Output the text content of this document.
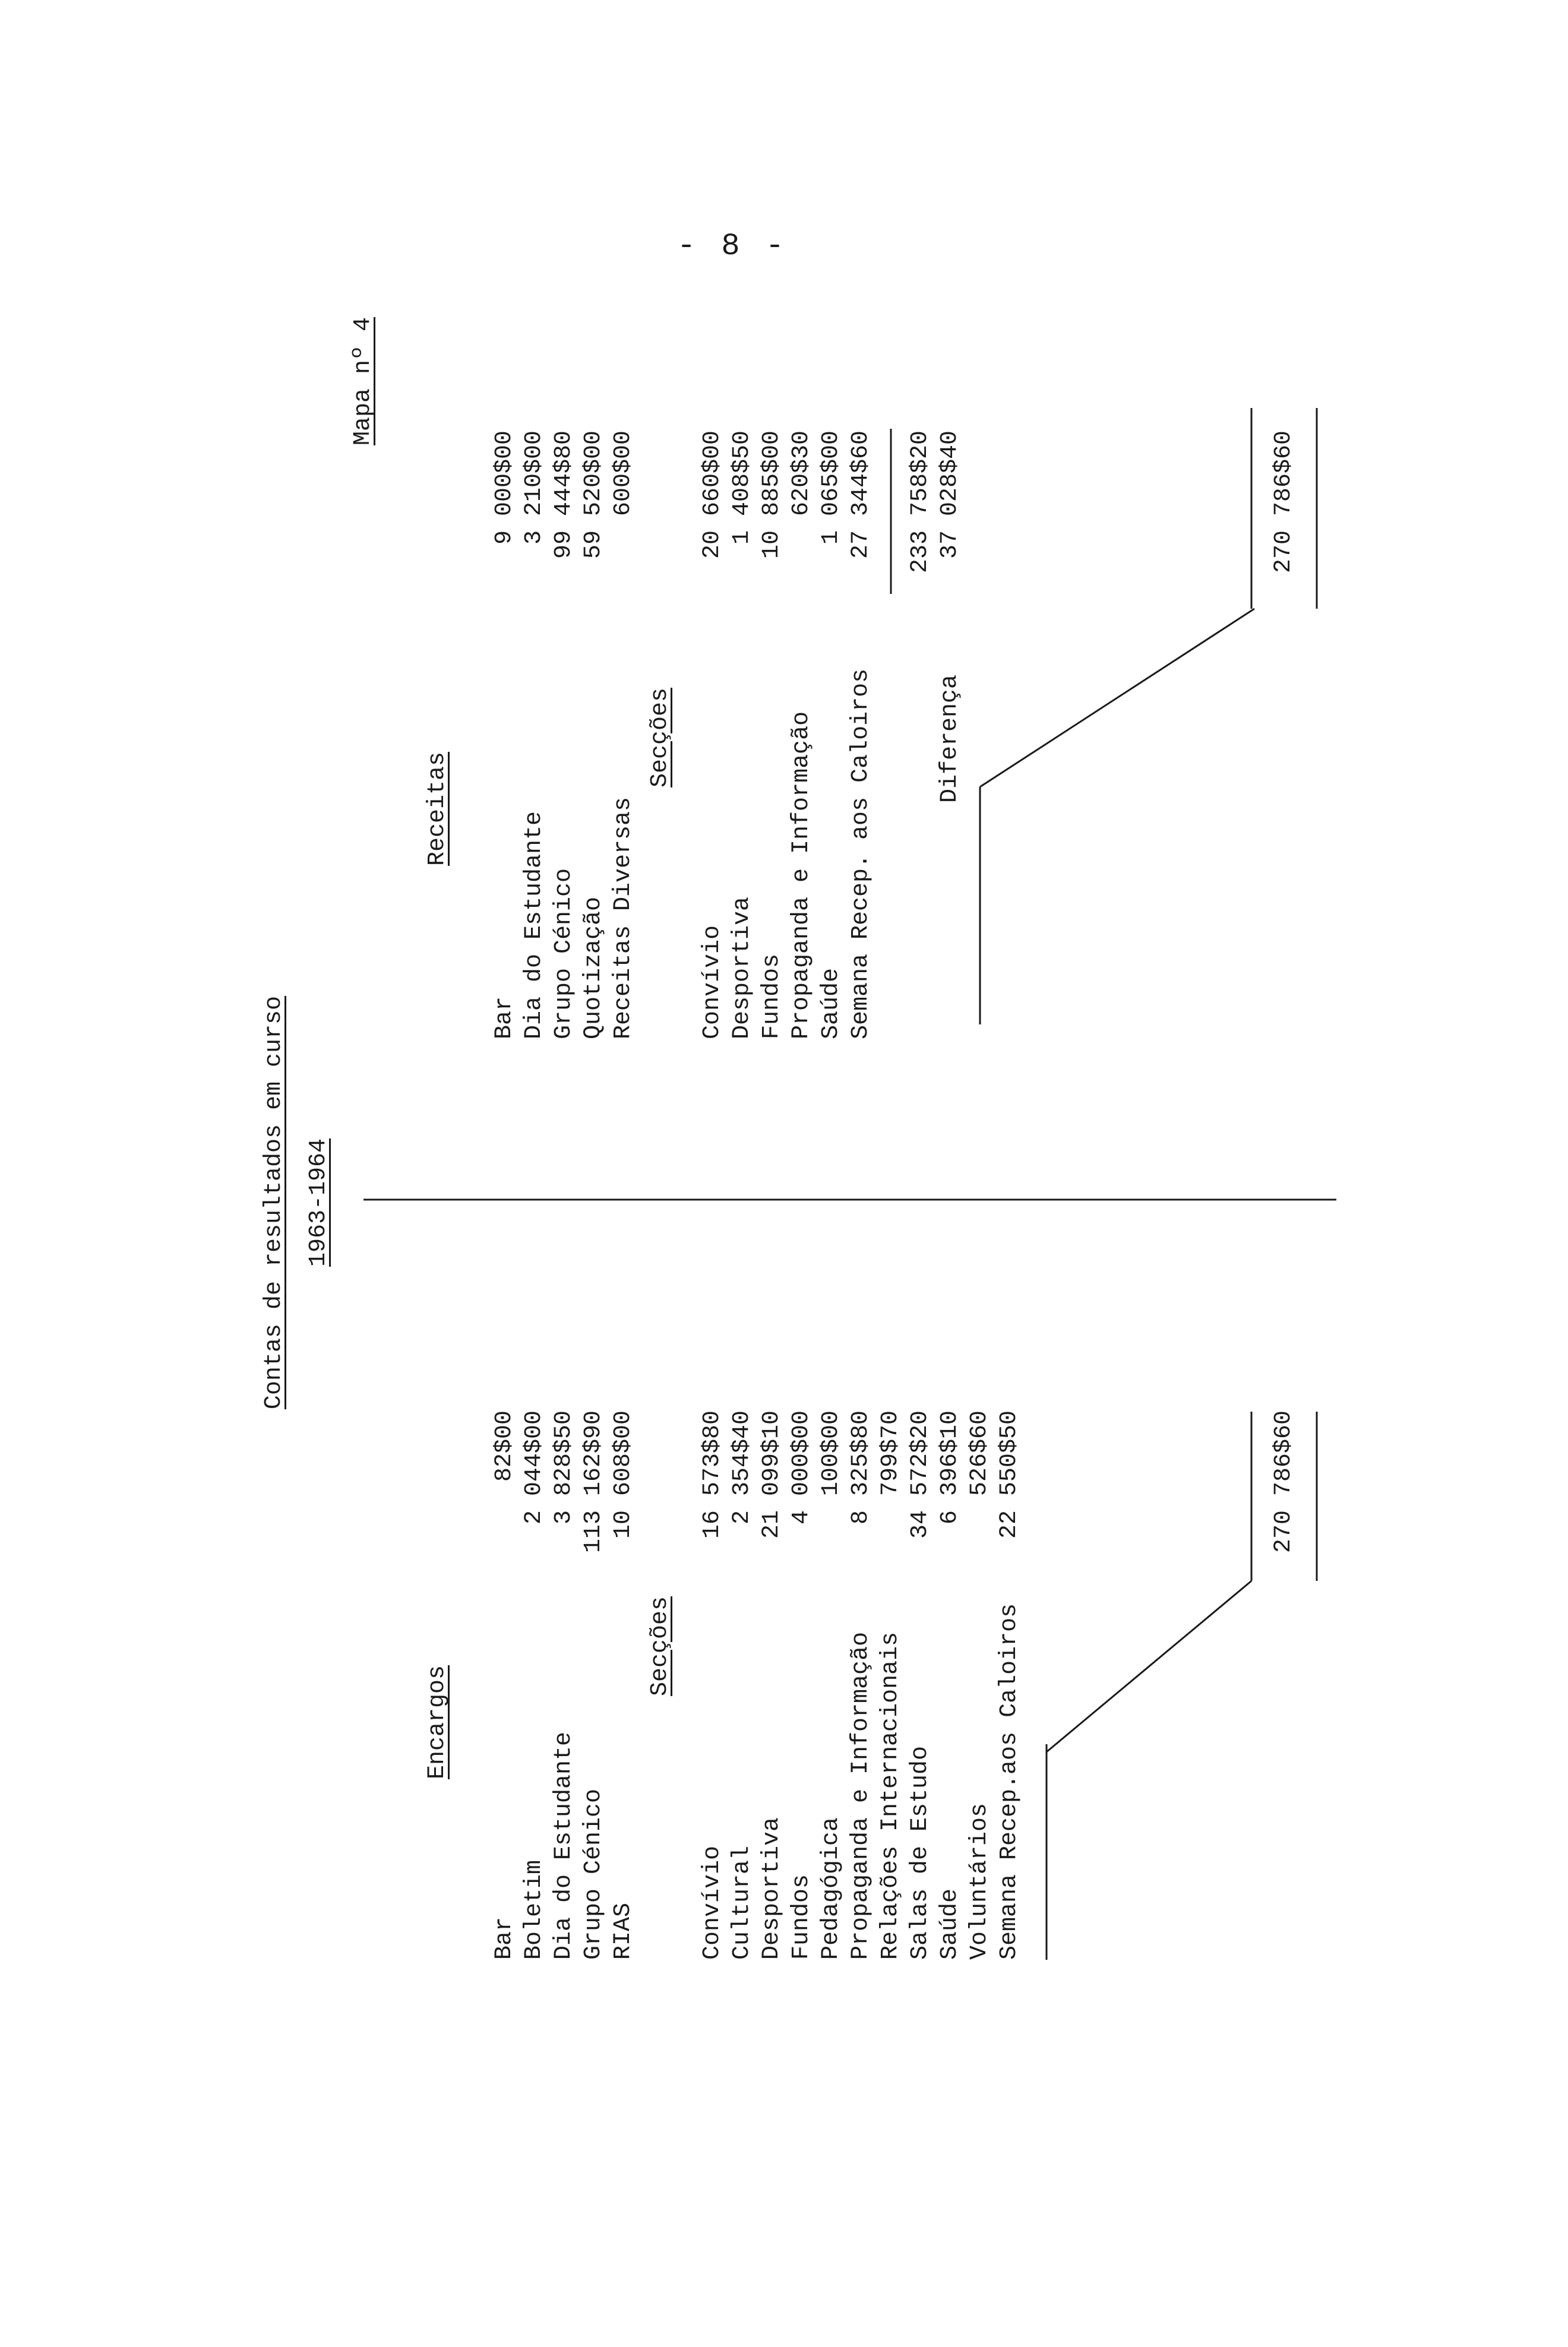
- 8 -
Contas de resultados em curso 1963-1964
Mapa nº 4
Encargos
Receitas
Bar
82$00
Boletim
2 044$00
Dia do Estudante
3 828$50
Grupo Cénico
113 162$90
RIAS
10 608$00
Secções
Convívio
16 573$80
Cultural
2 354$40
Desportiva
21 099$10
Fundos
4 000$00
Pedagógica
100$00
Propaganda e Informação
8 325$80
Relações Internacionais
799$70
Salas de Estudo
34 572$20
Saúde
6 396$10
Voluntários
526$60
Semana Recep.aos Caloiros
22 550$50
Bar
9 000$00
Dia do Estudante
3 210$00
Grupo Cénico
99 444$80
Quotização
59 520$00
Receitas Diversas
600$00
Secções
Convívio
20 660$00
Desportiva
1 408$50
Fundos
10 885$00
Propaganda e Informação
620$30
Saúde
1 065$00
Semana Recep. aos Caloiros
27 344$60
270 786$60
233 758$20
Diferença
37 028$40	270 786$60
